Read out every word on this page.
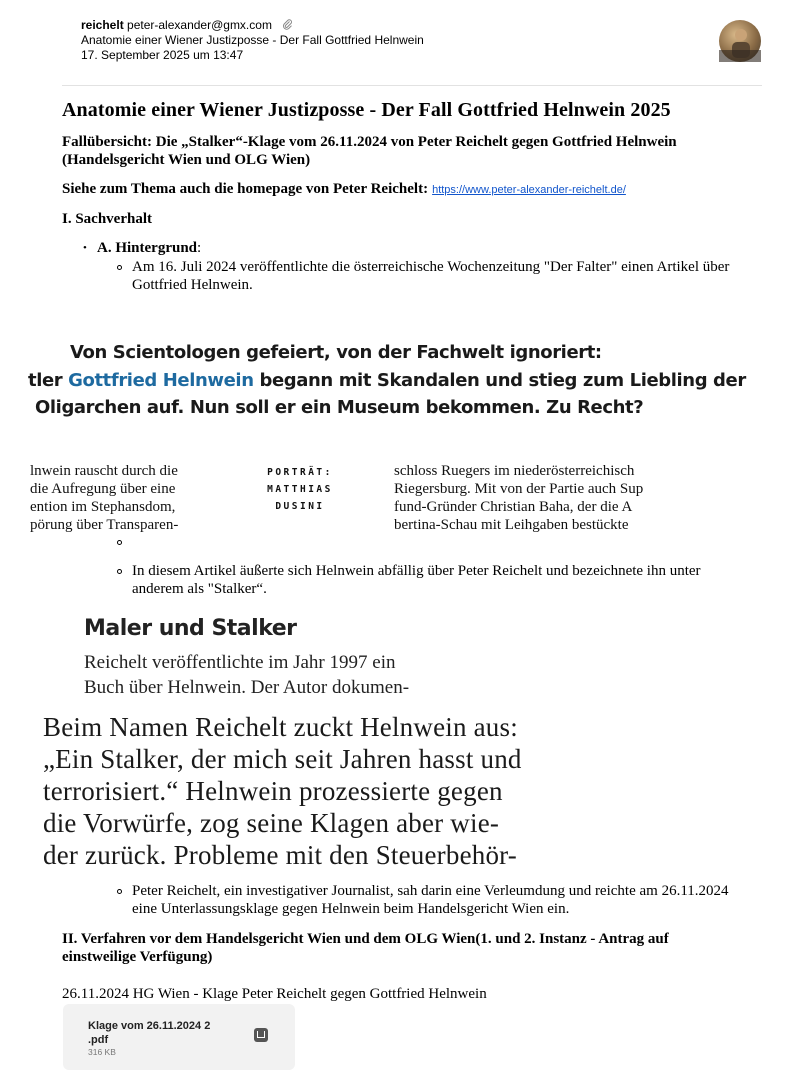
reichelt peter-alexander@gmx.com
Anatomie einer Wiener Justizposse - Der Fall Gottfried Helnwein
17. September 2025 um 13:47
Anatomie einer Wiener Justizposse - Der Fall Gottfried Helnwein 2025
Fallübersicht: Die „Stalker“-Klage vom 26.11.2024 von Peter Reichelt gegen Gottfried Helnwein
(Handelsgericht Wien und OLG Wien)
Siehe zum Thema auch die homepage von Peter Reichelt: https://www.peter-alexander-reichelt.de/
I. Sachverhalt
• A. Hintergrund:
Am 16. Juli 2024 veröffentlichte die österreichische Wochenzeitung "Der Falter" einen Artikel über
Gottfried Helnwein.
Von Scientologen gefeiert, von der Fachwelt ignoriert:
tler Gottfried Helnwein begann mit Skandalen und stieg zum Liebling der
Oligarchen auf. Nun soll er ein Museum bekommen. Zu Recht?
lnwein rauscht durch die
die Aufregung über eine
ention im Stephansdom,
pörung über Transparen-
PORTRÄT:
MATTHIAS
DUSINI
schloss Ruegers im niederösterreichisch
Riegersburg. Mit von der Partie auch Sup
fund-Gründer Christian Baha, der die A
bertina-Schau mit Leihgaben bestückte
In diesem Artikel äußerte sich Helnwein abfällig über Peter Reichelt und bezeichnete ihn unter
anderem als "Stalker“.
Maler und Stalker
Reichelt veröffentlichte im Jahr 1997 ein
Buch über Helnwein. Der Autor dokumen-
Beim Namen Reichelt zuckt Helnwein aus:
„Ein Stalker, der mich seit Jahren hasst und
terrorisiert.“ Helnwein prozessierte gegen
die Vorwürfe, zog seine Klagen aber wie-
der zurück. Probleme mit den Steuerbehör-
Peter Reichelt, ein investigativer Journalist, sah darin eine Verleumdung und reichte am 26.11.2024
eine Unterlassungsklage gegen Helnwein beim Handelsgericht Wien ein.
II. Verfahren vor dem Handelsgericht Wien und dem OLG Wien(1. und 2. Instanz - Antrag auf
einstweilige Verfügung)
26.11.2024 HG Wien - Klage Peter Reichelt gegen Gottfried Helnwein
Klage vom 26.11.2024 2
.pdf
316 KB
